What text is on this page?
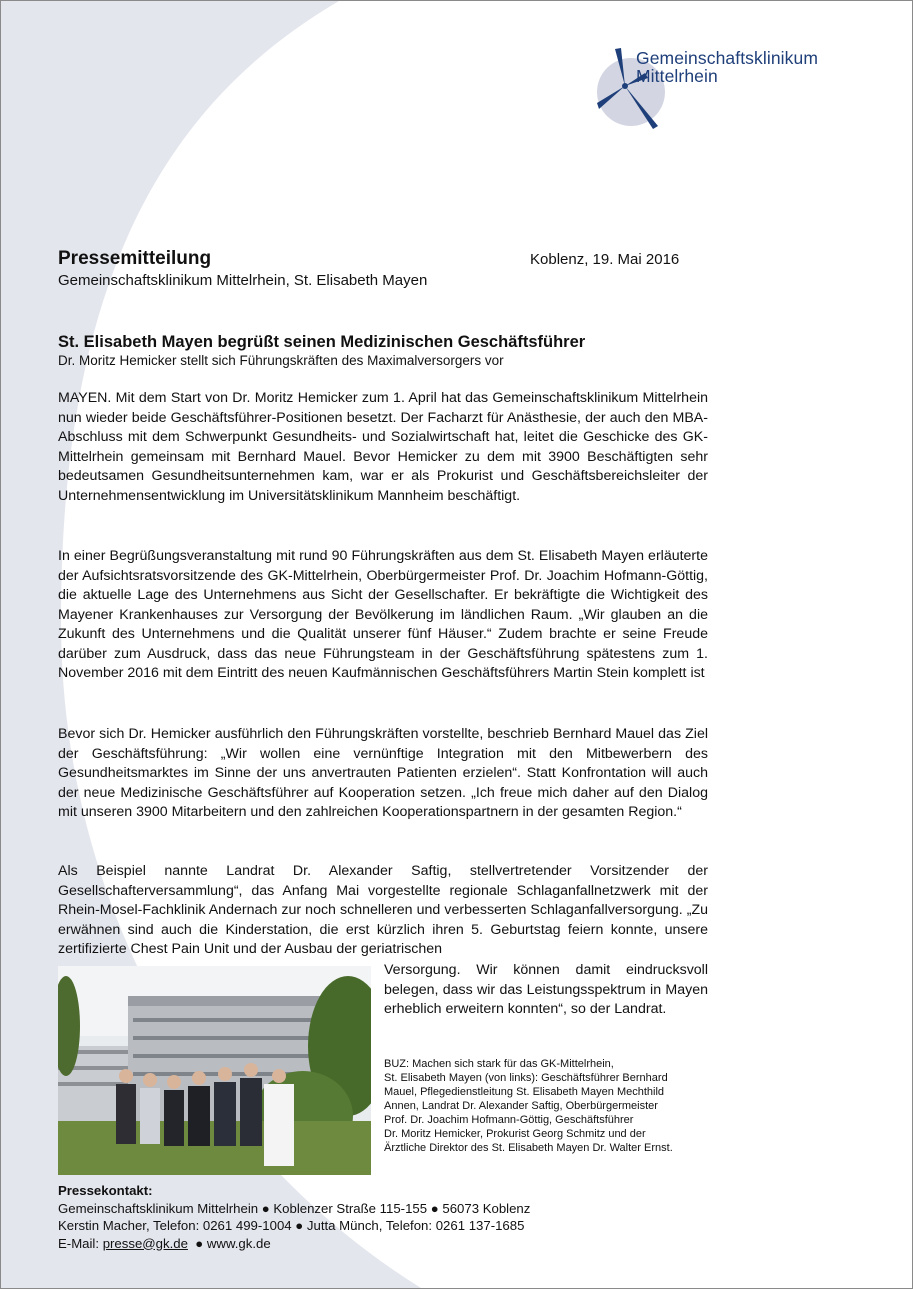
Gemeinschaftsklinikum
Mittelrhein
Pressemitteilung	Koblenz, 19. Mai 2016
Gemeinschaftsklinikum Mittelrhein, St. Elisabeth Mayen
St. Elisabeth Mayen begrüßt seinen Medizinischen Geschäftsführer
Dr. Moritz Hemicker stellt sich Führungskräften des Maximalversorgers vor

MAYEN. Mit dem Start von Dr. Moritz Hemicker zum 1. April hat das Gemeinschaftsklinikum Mittelrhein nun wieder beide Geschäftsführer-Positionen besetzt. Der Facharzt für Anästhesie, der auch den MBA-Abschluss mit dem Schwerpunkt Gesundheits- und Sozialwirtschaft hat, leitet die Geschicke des GK-Mittelrhein gemeinsam mit Bernhard Mauel. Bevor Hemicker zu dem mit 3900 Beschäftigten sehr bedeutsamen Gesundheitsunternehmen kam, war er als Prokurist und Geschäftsbereichsleiter der Unternehmensentwicklung im Universitätsklinikum Mannheim beschäftigt.

In einer Begrüßungsveranstaltung mit rund 90 Führungskräften aus dem St. Elisabeth Mayen erläuterte der Aufsichtsratsvorsitzende des GK-Mittelrhein, Oberbürgermeister Prof. Dr. Joachim Hofmann-Göttig, die aktuelle Lage des Unternehmens aus Sicht der Gesellschafter. Er bekräftigte die Wichtigkeit des Mayener Krankenhauses zur Versorgung der Bevölkerung im ländlichen Raum. „Wir glauben an die Zukunft des Unternehmens und die Qualität unserer fünf Häuser.“ Zudem brachte er seine Freude darüber zum Ausdruck, dass das neue Führungsteam in der Geschäftsführung spätestens zum 1. November 2016 mit dem Eintritt des neuen Kaufmännischen Geschäftsführers Martin Stein komplett ist

Bevor sich Dr. Hemicker ausführlich den Führungskräften vorstellte, beschrieb Bernhard Mauel das Ziel der Geschäftsführung: „Wir wollen eine vernünftige Integration mit den Mitbewerbern des Gesundheitsmarktes im Sinne der uns anvertrauten Patienten erzielen“. Statt Konfrontation will auch der neue Medizinische Geschäftsführer auf Kooperation setzen. „Ich freue mich daher auf den Dialog mit unseren 3900 Mitarbeitern und den zahlreichen Kooperationspartnern in der gesamten Region.“

Als Beispiel nannte Landrat Dr. Alexander Saftig, stellvertretender Vorsitzender der Gesellschafterversammlung“, das Anfang Mai vorgestellte regionale Schlaganfallnetzwerk mit der Rhein-Mosel-Fachklinik Andernach zur noch schnelleren und verbesserten Schlaganfallversorgung. „Zu erwähnen sind auch die Kinderstation, die erst kürzlich ihren 5. Geburtstag feiern konnte, unsere zertifizierte Chest Pain Unit und der Ausbau der geriatrischen

Versorgung. Wir können damit eindrucksvoll belegen, dass wir das Leistungsspektrum in Mayen erheblich erweitern konnten“, so der Landrat.

BUZ: Machen sich stark für das GK-Mittelrhein,
St. Elisabeth Mayen (von links): Geschäftsführer Bernhard
Mauel, Pflegedienstleitung St. Elisabeth Mayen Mechthild
Annen, Landrat Dr. Alexander Saftig, Oberbürgermeister
Prof. Dr. Joachim Hofmann-Göttig, Geschäftsführer
Dr. Moritz Hemicker, Prokurist Georg Schmitz und der
Ärztliche Direktor des St. Elisabeth Mayen Dr. Walter Ernst.
Pressekontakt:
Gemeinschaftsklinikum Mittelrhein ● Koblenzer Straße 115-155 ● 56073 Koblenz
Kerstin Macher, Telefon: 0261 499-1004 ● Jutta Münch, Telefon: 0261 137-1685
E-Mail: presse@gk.de  ● www.gk.de
